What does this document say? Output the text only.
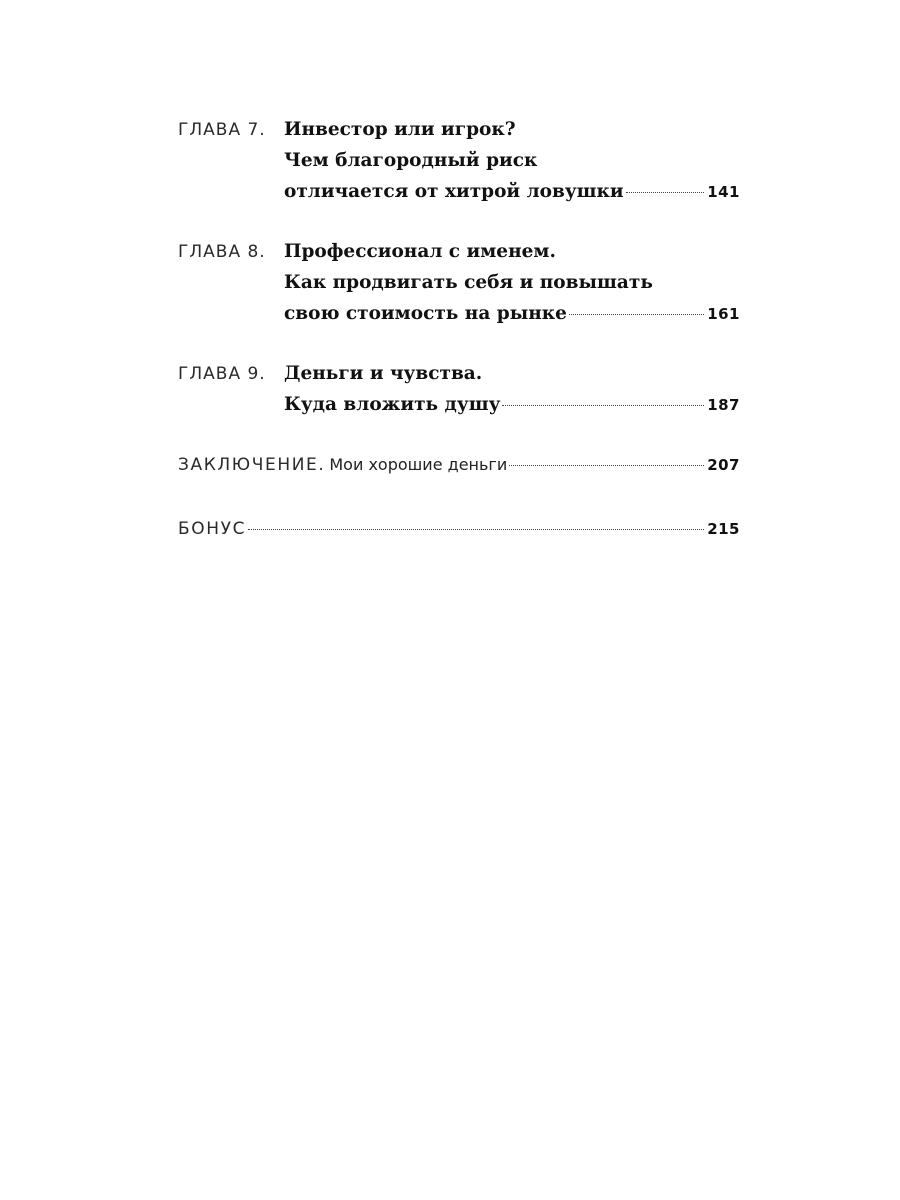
ГЛАВА 7. Инвестор или игрок?
Чем благородный риск
отличается от хитрой ловушки	141
ГЛАВА 8. Профессионал с именем.
Как продвигать себя и повышать
свою стоимость на рынке	161
ГЛАВА 9. Деньги и чувства.
Куда вложить душу	187
ЗАКЛЮЧЕНИЕ. Мои хорошие деньги	207
БОНУС	215
